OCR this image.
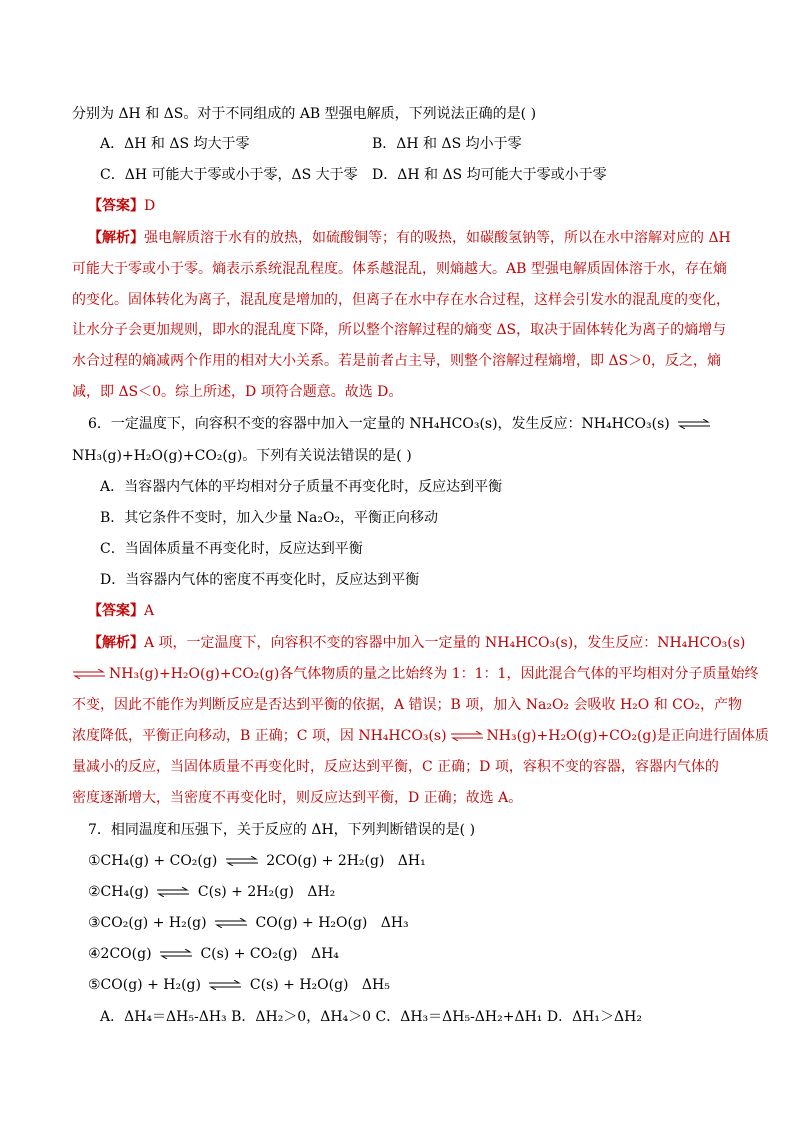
分别为 ΔH 和 ΔS。对于不同组成的 AB 型强电解质，下列说法正确的是( )
A．ΔH 和 ΔS 均大于零	B．ΔH 和 ΔS 均小于零
C．ΔH 可能大于零或小于零，ΔS 大于零 D．ΔH 和 ΔS 均可能大于零或小于零
【答案】D
【解析】强电解质溶于水有的放热，如硫酸铜等；有的吸热，如碳酸氢钠等，所以在水中溶解对应的 ΔH
可能大于零或小于零。熵表示系统混乱程度。体系越混乱，则熵越大。AB 型强电解质固体溶于水，存在熵
的变化。固体转化为离子，混乱度是增加的，但离子在水中存在水合过程，这样会引发水的混乱度的变化，
让水分子会更加规则，即水的混乱度下降，所以整个溶解过程的熵变 ΔS，取决于固体转化为离子的熵增与
水合过程的熵减两个作用的相对大小关系。若是前者占主导，则整个溶解过程熵增，即 ΔS＞0，反之，熵
减，即 ΔS＜0。综上所述，D 项符合题意。故选 D。
6．一定温度下，向容积不变的容器中加入一定量的 NH₄HCO₃(s)，发生反应：NH₄HCO₃(s) ⇌
NH₃(g)+H₂O(g)+CO₂(g)。下列有关说法错误的是( )
A．当容器内气体的平均相对分子质量不再变化时，反应达到平衡
B．其它条件不变时，加入少量 Na₂O₂，平衡正向移动
C．当固体质量不再变化时，反应达到平衡
D．当容器内气体的密度不再变化时，反应达到平衡
【答案】A
【解析】A 项，一定温度下，向容积不变的容器中加入一定量的 NH₄HCO₃(s)，发生反应：NH₄HCO₃(s)
⇌ NH₃(g)+H₂O(g)+CO₂(g)各气体物质的量之比始终为 1：1：1，因此混合气体的平均相对分子质量始终
不变，因此不能作为判断反应是否达到平衡的依据，A 错误；B 项，加入 Na₂O₂ 会吸收 H₂O 和 CO₂，产物
浓度降低，平衡正向移动，B 正确；C 项，因 NH₄HCO₃(s) ⇌ NH₃(g)+H₂O(g)+CO₂(g)是正向进行固体质
量减小的反应，当固体质量不再变化时，反应达到平衡，C 正确；D 项，容积不变的容器，容器内气体的
密度逐渐增大，当密度不再变化时，则反应达到平衡，D 正确；故选 A。
7．相同温度和压强下，关于反应的 ΔH，下列判断错误的是( )
①CH₄(g) + CO₂(g) ⇌ 2CO(g) + 2H₂(g) ΔH₁
②CH₄(g) ⇌ C(s) + 2H₂(g) ΔH₂
③CO₂(g) + H₂(g) ⇌ CO(g) + H₂O(g) ΔH₃
④2CO(g) ⇌ C(s) + CO₂(g) ΔH₄
⑤CO(g) + H₂(g) ⇌ C(s) + H₂O(g) ΔH₅
A．ΔH₄＝ΔH₅-ΔH₃ B．ΔH₂＞0，ΔH₄＞0 C．ΔH₃＝ΔH₅-ΔH₂+ΔH₁ D．ΔH₁＞ΔH₂
